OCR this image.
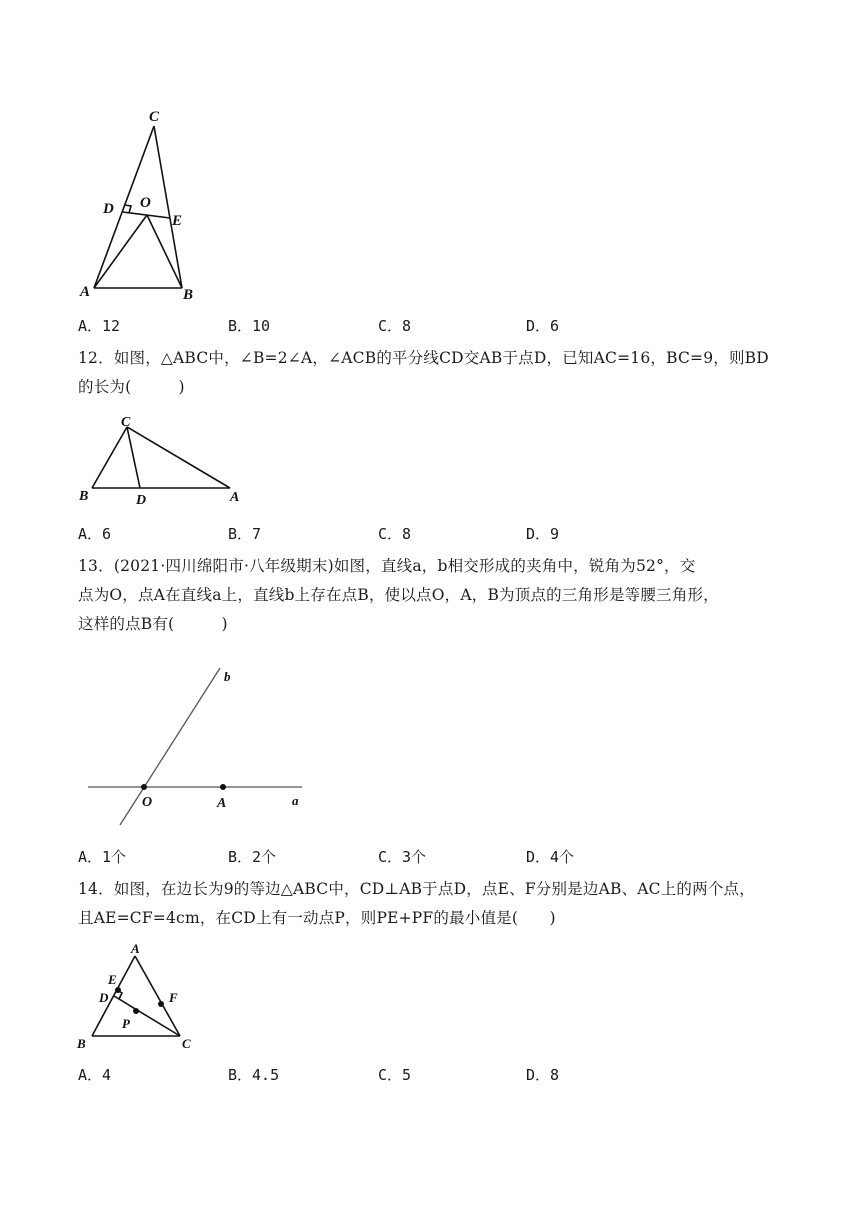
C
D O
E
A	B
A．12	B．10	C．8	D．6
12．如图，△ABC中，∠B=2∠A，∠ACB的平分线CD交AB于点D，已知AC=16，BC=9，则BD
的长为(　　　)
C
B	D	A
A．6	B．7	C．8	D．9
13．(2021·四川绵阳市·八年级期末)如图，直线a，b相交形成的夹角中，锐角为52°，交
点为O，点A在直线a上，直线b上存在点B，使以点O，A，B为顶点的三角形是等腰三角形，
这样的点B有(　　　)
b
O	A	a
A．1个	B．2个	C．3个	D．4个
14．如图，在边长为9的等边△ABC中，CD⊥AB于点D，点E、F分别是边AB、AC上的两个点，
且AE=CF=4cm，在CD上有一动点P，则PE+PF的最小值是(　　)
A
E
D	F
P
B	C
A．4	B．4.5	C．5	D．8
